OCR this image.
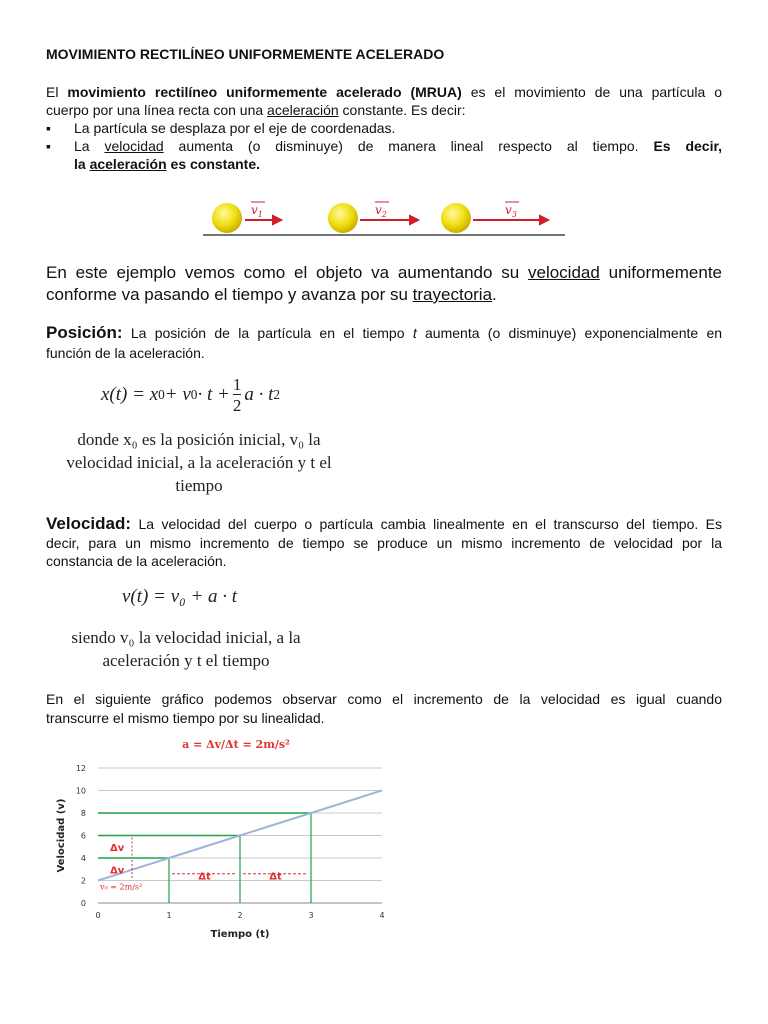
MOVIMIENTO RECTILÍNEO UNIFORMEMENTE ACELERADO
El movimiento rectilíneo uniformemente acelerado (MRUA) es el movimiento de una partícula o
cuerpo por una línea recta con una aceleración constante. Es decir:
▪ La partícula se desplaza por el eje de coordenadas.
▪ La velocidad aumenta (o disminuye) de manera lineal respecto al tiempo. Es decir,
la aceleración es constante.
$v_1$	$v_2$	$v_3$
En este ejemplo vemos como el objeto va aumentando su velocidad uniformemente
conforme va pasando el tiempo y avanza por su trayectoria.
Posición: La posición de la partícula en el tiempo t aumenta (o disminuye) exponencialmente en
función de la aceleración.
x(t) = x 0 + v $0 \cdot t + \frac{1}{2}$ a · t 2
donde x₀ es la posición inicial, v₀ la
velocidad inicial, a la aceleración y t el
tiempo
Velocidad: La velocidad del cuerpo o partícula cambia linealmente en el transcurso del tiempo. Es
decir, para un mismo incremento de tiempo se produce un mismo incremento de velocidad por la
constancia de la aceleración.
v(t) = v₀ + a · t
siendo v₀ la velocidad inicial, a la
aceleración y t el tiempo
En el siguiente gráfico podemos observar como el incremento de la velocidad es igual cuando
transcurre el mismo tiempo por su linealidad.
a = Δv/Δt = 2m/s²
0
2
4
6
8
10
12
0	1	2	3	4
Δv
Δv
Δt	Δt
v₀ = 2m/s²
Tiempo (t)
Velocidad (v)
